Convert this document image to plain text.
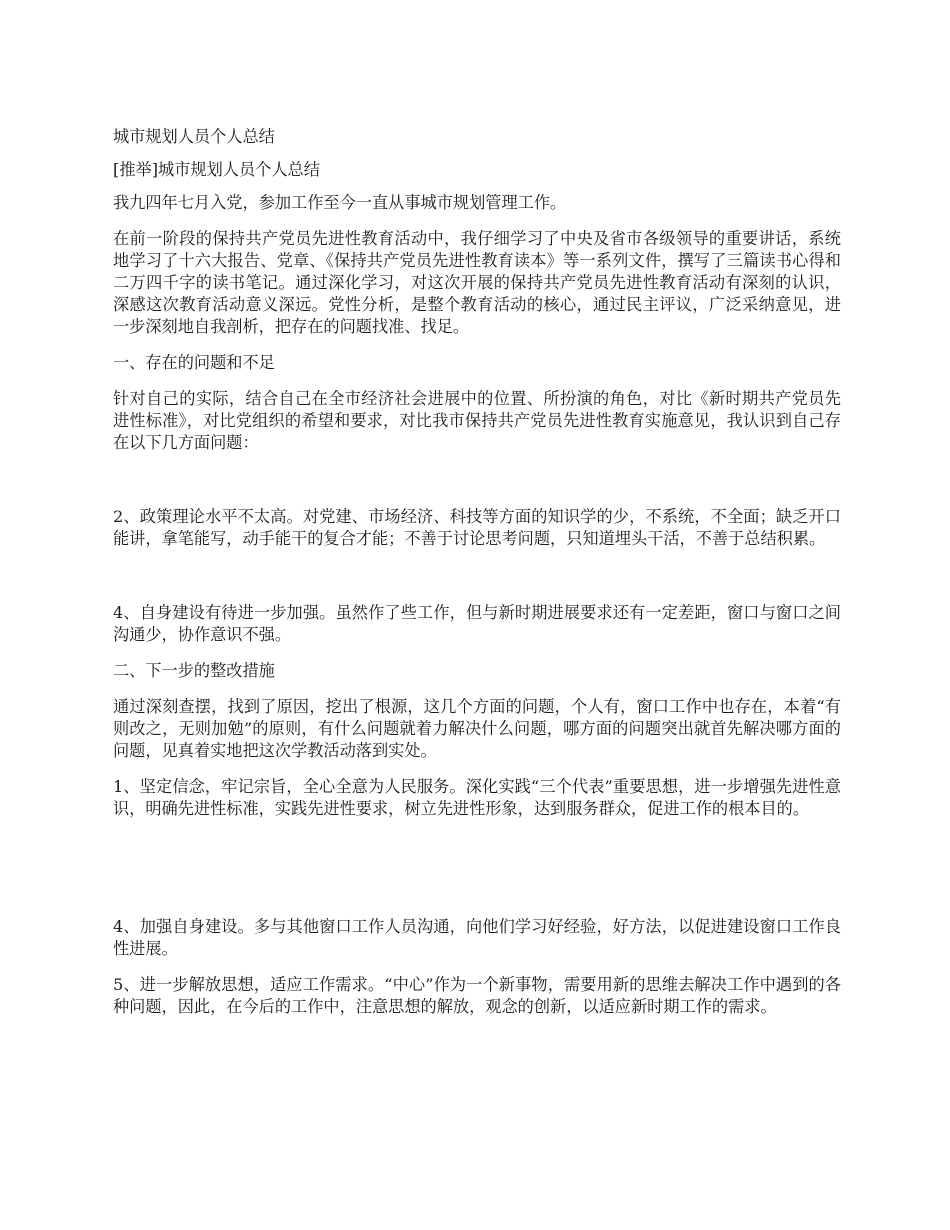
城市规划人员个人总结

[推举]城市规划人员个人总结

我九四年七月入党，参加工作至今一直从事城市规划管理工作。

在前一阶段的保持共产党员先进性教育活动中，我仔细学习了中央及省市各级领导的重要讲话，系统地学习了十六大报告、党章、《保持共产党员先进性教育读本》等一系列文件，撰写了三篇读书心得和二万四千字的读书笔记。通过深化学习，对这次开展的保持共产党员先进性教育活动有深刻的认识，深感这次教育活动意义深远。党性分析，是整个教育活动的核心，通过民主评议，广泛采纳意见，进一步深刻地自我剖析，把存在的问题找准、找足。

一、存在的问题和不足

针对自己的实际，结合自己在全市经济社会进展中的位置、所扮演的角色，对比《新时期共产党员先进性标准》，对比党组织的希望和要求，对比我市保持共产党员先进性教育实施意见，我认识到自己存在以下几方面问题：

2、政策理论水平不太高。对党建、市场经济、科技等方面的知识学的少，不系统，不全面；缺乏开口能讲，拿笔能写，动手能干的复合才能；不善于讨论思考问题，只知道埋头干活，不善于总结积累。

4、自身建设有待进一步加强。虽然作了些工作，但与新时期进展要求还有一定差距，窗口与窗口之间沟通少，协作意识不强。

二、下一步的整改措施

通过深刻查摆，找到了原因，挖出了根源，这几个方面的问题，个人有，窗口工作中也存在，本着“有则改之，无则加勉”的原则，有什么问题就着力解决什么问题，哪方面的问题突出就首先解决哪方面的问题，见真着实地把这次学教活动落到实处。

1、坚定信念，牢记宗旨，全心全意为人民服务。深化实践“三个代表”重要思想，进一步增强先进性意识，明确先进性标准，实践先进性要求，树立先进性形象，达到服务群众，促进工作的根本目的。

4、加强自身建设。多与其他窗口工作人员沟通，向他们学习好经验，好方法，以促进建设窗口工作良性进展。

5、进一步解放思想，适应工作需求。“中心”作为一个新事物，需要用新的思维去解决工作中遇到的各种问题，因此，在今后的工作中，注意思想的解放，观念的创新，以适应新时期工作的需求。
